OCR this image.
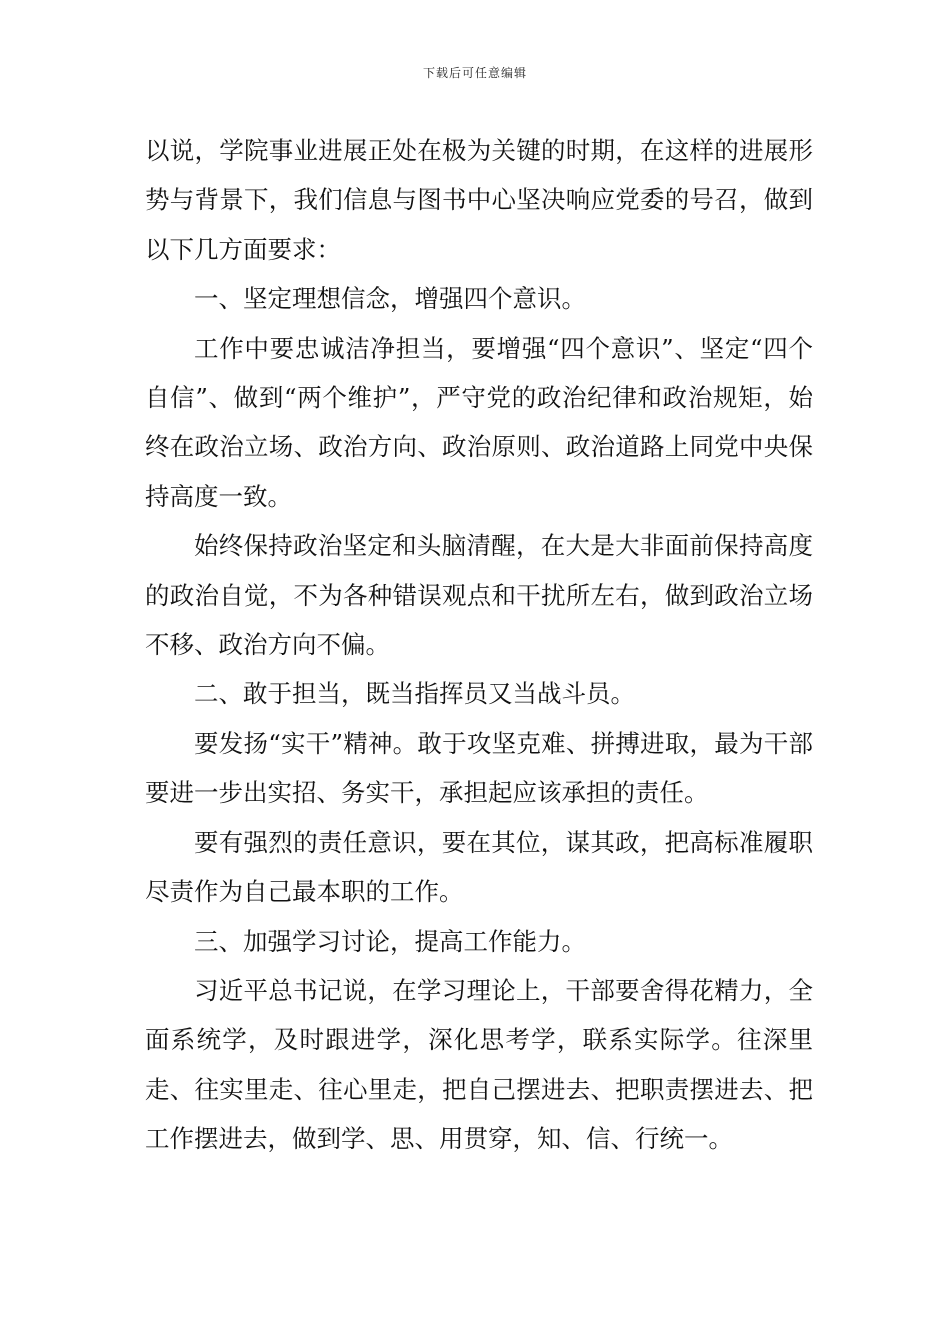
下载后可任意编辑

以说，学院事业进展正处在极为关键的时期，在这样的进展形势与背景下，我们信息与图书中心坚决响应党委的号召，做到以下几方面要求：

一、坚定理想信念，增强四个意识。

工作中要忠诚洁净担当，要增强“四个意识”、坚定“四个自信”、做到“两个维护”，严守党的政治纪律和政治规矩，始终在政治立场、政治方向、政治原则、政治道路上同党中央保持高度一致。

始终保持政治坚定和头脑清醒，在大是大非面前保持高度的政治自觉，不为各种错误观点和干扰所左右，做到政治立场不移、政治方向不偏。

二、敢于担当，既当指挥员又当战斗员。

要发扬“实干”精神。敢于攻坚克难、拼搏进取，最为干部要进一步出实招、务实干，承担起应该承担的责任。

要有强烈的责任意识，要在其位，谋其政，把高标准履职尽责作为自己最本职的工作。

三、加强学习讨论，提高工作能力。

习近平总书记说，在学习理论上，干部要舍得花精力，全面系统学，及时跟进学，深化思考学，联系实际学。往深里走、往实里走、往心里走，把自己摆进去、把职责摆进去、把工作摆进去，做到学、思、用贯穿，知、信、行统一。
